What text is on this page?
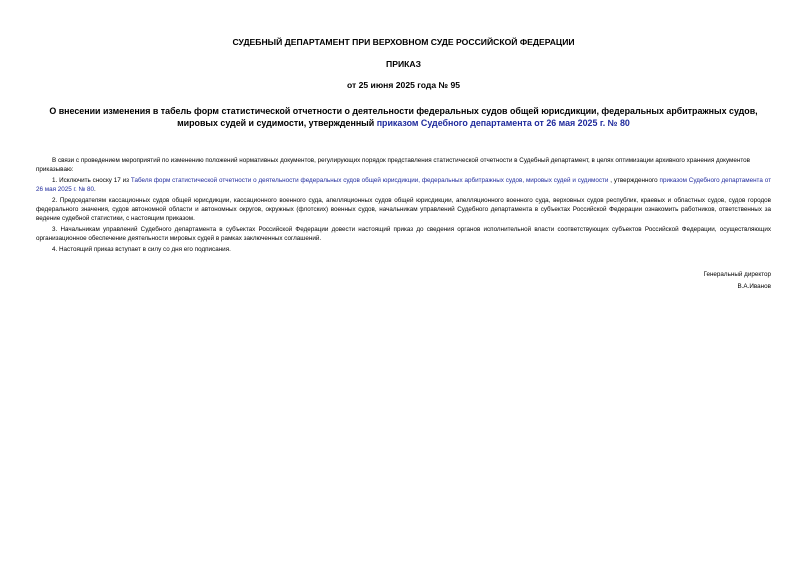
СУДЕБНЫЙ ДЕПАРТАМЕНТ ПРИ ВЕРХОВНОМ СУДЕ РОССИЙСКОЙ ФЕДЕРАЦИИ
ПРИКАЗ
от 25 июня 2025 года № 95
О внесении изменения в табель форм статистической отчетности о деятельности федеральных судов общей юрисдикции, федеральных арбитражных судов, мировых судей и судимости, утвержденный приказом Судебного департамента от 26 мая 2025 г. № 80

В связи с проведением мероприятий по изменению положений нормативных документов, регулирующих порядок представления статистической отчетности в Судебный департамент, в целях оптимизации архивного хранения документов

приказываю:

1. Исключить сноску 17 из Табеля форм статистической отчетности о деятельности федеральных судов общей юрисдикции, федеральных арбитражных судов, мировых судей и судимости , утвержденного приказом Судебного департамента от 26 мая 2025 г. № 80.

2. Председателям кассационных судов общей юрисдикции, кассационного военного суда, апелляционных судов общей юрисдикции, апелляционного военного суда, верховных судов республик, краевых и областных судов, судов городов федерального значения, судов автономной области и автономных округов, окружных (флотских) военных судов, начальникам управлений Судебного департамента в субъектах Российской Федерации ознакомить работников, ответственных за ведение судебной статистики, с настоящим приказом.

3. Начальникам управлений Судебного департамента в субъектах Российской Федерации довести настоящий приказ до сведения органов исполнительной власти соответствующих субъектов Российской Федерации, осуществляющих организационное обеспечение деятельности мировых судей в рамках заключенных соглашений.

4. Настоящий приказ вступает в силу со дня его подписания.

Генеральный директор
В.А.Иванов
